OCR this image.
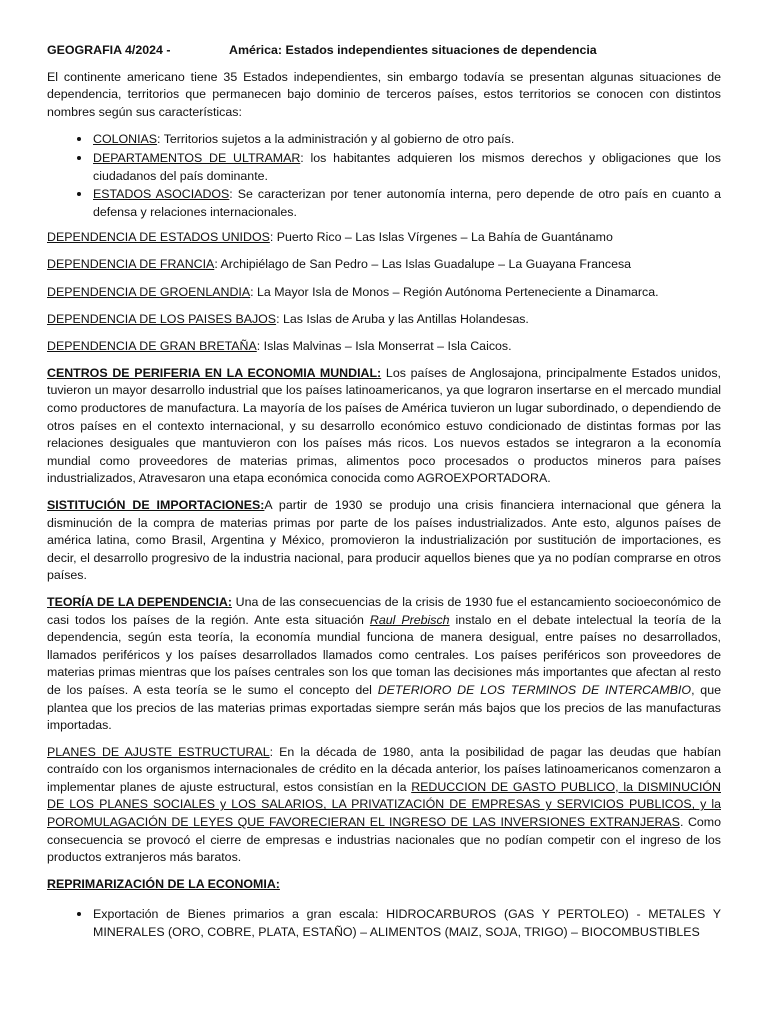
GEOGRAFIA 4/2024 -	América: Estados independientes situaciones de dependencia

El continente americano tiene 35 Estados independientes, sin embargo todavía se presentan algunas situaciones de dependencia, territorios que permanecen bajo dominio de terceros países, estos territorios se conocen con distintos nombres según sus características:

• COLONIAS: Territorios sujetos a la administración y al gobierno de otro país.
• DEPARTAMENTOS DE ULTRAMAR: los habitantes adquieren los mismos derechos y obligaciones que los ciudadanos del país dominante.
• ESTADOS ASOCIADOS: Se caracterizan por tener autonomía interna, pero depende de otro país en cuanto a defensa y relaciones internacionales.

DEPENDENCIA DE ESTADOS UNIDOS: Puerto Rico – Las Islas Vírgenes – La Bahía de Guantánamo

DEPENDENCIA DE FRANCIA: Archipiélago de San Pedro – Las Islas Guadalupe – La Guayana Francesa

DEPENDENCIA DE GROENLANDIA: La Mayor Isla de Monos – Región Autónoma Perteneciente a Dinamarca.

DEPENDENCIA DE LOS PAISES BAJOS: Las Islas de Aruba y las Antillas Holandesas.

DEPENDENCIA DE GRAN BRETAÑA: Islas Malvinas – Isla Monserrat – Isla Caicos.

CENTROS DE PERIFERIA EN LA ECONOMIA MUNDIAL: Los países de Anglosajona, principalmente Estados unidos, tuvieron un mayor desarrollo industrial que los países latinoamericanos, ya que lograron insertarse en el mercado mundial como productores de manufactura. La mayoría de los países de América tuvieron un lugar subordinado, o dependiendo de otros países en el contexto internacional, y su desarrollo económico estuvo condicionado de distintas formas por las relaciones desiguales que mantuvieron con los países más ricos. Los nuevos estados se integraron a la economía mundial como proveedores de materias primas, alimentos poco procesados o productos mineros para países industrializados, Atravesaron una etapa económica conocida como AGROEXPORTADORA.

SISTITUCIÓN DE IMPORTACIONES:A partir de 1930 se produjo una crisis financiera internacional que génera la disminución de la compra de materias primas por parte de los países industrializados. Ante esto, algunos países de américa latina, como Brasil, Argentina y México, promovieron la industrialización por sustitución de importaciones, es decir, el desarrollo progresivo de la industria nacional, para producir aquellos bienes que ya no podían comprarse en otros países.

TEORÍA DE LA DEPENDENCIA: Una de las consecuencias de la crisis de 1930 fue el estancamiento socioeconómico de casi todos los países de la región. Ante esta situación Raul Prebisch instalo en el debate intelectual la teoría de la dependencia, según esta teoría, la economía mundial funciona de manera desigual, entre países no desarrollados, llamados periféricos y los países desarrollados llamados como centrales. Los países periféricos son proveedores de materias primas mientras que los países centrales son los que toman las decisiones más importantes que afectan al resto de los países. A esta teoría se le sumo el concepto del DETERIORO DE LOS TERMINOS DE INTERCAMBIO, que plantea que los precios de las materias primas exportadas siempre serán más bajos que los precios de las manufacturas importadas.

PLANES DE AJUSTE ESTRUCTURAL: En la década de 1980, anta la posibilidad de pagar las deudas que habían contraído con los organismos internacionales de crédito en la década anterior, los países latinoamericanos comenzaron a implementar planes de ajuste estructural, estos consistían en la REDUCCION DE GASTO PUBLICO, la DISMINUCIÓN DE LOS PLANES SOCIALES y LOS SALARIOS, LA PRIVATIZACIÓN DE EMPRESAS y SERVICIOS PUBLICOS, y la POROMULAGACIÓN DE LEYES QUE FAVORECIERAN EL INGRESO DE LAS INVERSIONES EXTRANJERAS. Como consecuencia se provocó el cierre de empresas e industrias nacionales que no podían competir con el ingreso de los productos extranjeros más baratos.

REPRIMARIZACIÓN DE LA ECONOMIA:

• Exportación de Bienes primarios a gran escala: HIDROCARBUROS (GAS Y PERTOLEO) - METALES Y MINERALES (ORO, COBRE, PLATA, ESTAÑO) – ALIMENTOS (MAIZ, SOJA, TRIGO) – BIOCOMBUSTIBLES
